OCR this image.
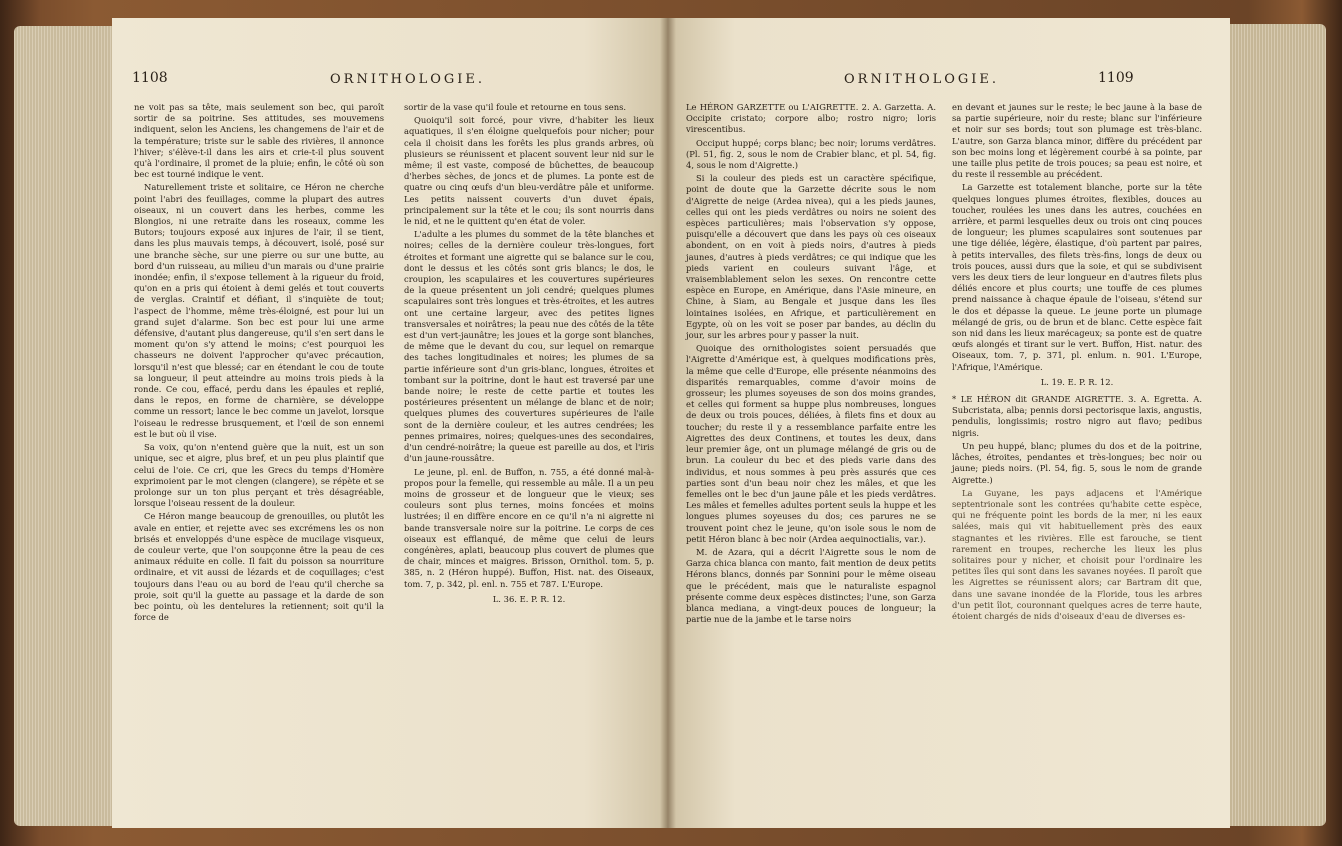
1108	ORNITHOLOGIE.

ne voit pas sa tête, mais seulement son bec, qui paroît sortir de sa poitrine. Ses attitudes, ses mouvemens indiquent, selon les Anciens, les changemens de l'air et de la température; triste sur le sable des rivières, il annonce l'hiver; s'élève-t-il dans les airs et crie-t-il plus souvent qu'à l'ordinaire, il promet de la pluie; enfin, le côté où son bec est tourné indique le vent.

Naturellement triste et solitaire, ce Héron ne cherche point l'abri des feuillages, comme la plupart des autres oiseaux, ni un couvert dans les herbes, comme les Blongios, ni une retraite dans les roseaux, comme les Butors; toujours exposé aux injures de l'air, il se tient, dans les plus mauvais temps, à découvert, isolé, posé sur une branche sèche, sur une pierre ou sur une butte, au bord d'un ruisseau, au milieu d'un marais ou d'une prairie inondée; enfin, il s'expose tellement à la rigueur du froid, qu'on en a pris qui étoient à demi gelés et tout couverts de verglas. Craintif et défiant, il s'inquiète de tout; l'aspect de l'homme, même très-éloigné, est pour lui un grand sujet d'alarme. Son bec est pour lui une arme défensive, d'autant plus dangereuse, qu'il s'en sert dans le moment qu'on s'y attend le moins; c'est pourquoi les chasseurs ne doivent l'approcher qu'avec précaution, lorsqu'il n'est que blessé; car en étendant le cou de toute sa longueur, il peut atteindre au moins trois pieds à la ronde. Ce cou, effacé, perdu dans les épaules et replié, dans le repos, en forme de charnière, se développe comme un ressort; lance le bec comme un javelot, lorsque l'oiseau le redresse brusquement, et l'œil de son ennemi est le but où il vise.

Sa voix, qu'on n'entend guère que la nuit, est un son unique, sec et aigre, plus bref, et un peu plus plaintif que celui de l'oie. Ce cri, que les Grecs du temps d'Homère exprimoient par le mot clengen (clangere), se répète et se prolonge sur un ton plus perçant et très désagréable, lorsque l'oiseau ressent de la douleur.

Ce Héron mange beaucoup de grenouilles, ou plutôt les avale en entier, et rejette avec ses excrémens les os non brisés et enveloppés d'une espèce de mucilage visqueux, de couleur verte, que l'on soupçonne être la peau de ces animaux réduite en colle. Il fait du poisson sa nourriture ordinaire, et vit aussi de lézards et de coquillages; c'est toujours dans l'eau ou au bord de l'eau qu'il cherche sa proie, soit qu'il la guette au passage et la darde de son bec pointu, où les dentelures la retiennent; soit qu'il la force de

sortir de la vase qu'il foule et retourne en tous sens.

Quoiqu'il soit forcé, pour vivre, d'habiter les lieux aquatiques, il s'en éloigne quelquefois pour nicher; pour cela il choisit dans les forêts les plus grands arbres, où plusieurs se réunissent et placent souvent leur nid sur le même; il est vaste, composé de bûchettes, de beaucoup d'herbes sèches, de joncs et de plumes. La ponte est de quatre ou cinq œufs d'un bleu-verdâtre pâle et uniforme. Les petits naissent couverts d'un duvet épais, principalement sur la tête et le cou; ils sont nourris dans le nid, et ne le quittent qu'en état de voler.

L'adulte a les plumes du sommet de la tête blanches et noires; celles de la dernière couleur très-longues, fort étroites et formant une aigrette qui se balance sur le cou, dont le dessus et les côtés sont gris blancs; le dos, le croupion, les scapulaires et les couvertures supérieures de la queue présentent un joli cendré; quelques plumes scapulaires sont très longues et très-étroites, et les autres ont une certaine largeur, avec des petites lignes transversales et noirâtres; la peau nue des côtés de la tête est d'un vert-jaunâtre; les joues et la gorge sont blanches, de même que le devant du cou, sur lequel on remarque des taches longitudinales et noires; les plumes de sa partie inférieure sont d'un gris-blanc, longues, étroites et tombant sur la poitrine, dont le haut est traversé par une bande noire; le reste de cette partie et toutes les postérieures présentent un mélange de blanc et de noir; quelques plumes des couvertures supérieures de l'aile sont de la dernière couleur, et les autres cendrées; les pennes primaires, noires; quelques-unes des secondaires, d'un cendré-noirâtre; la queue est pareille au dos, et l'iris d'un jaune-roussâtre.

Le jeune, pl. enl. de Buffon, n. 755, a été donné mal-à-propos pour la femelle, qui ressemble au mâle. Il a un peu moins de grosseur et de longueur que le vieux; ses couleurs sont plus ternes, moins foncées et moins lustrées; il en diffère encore en ce qu'il n'a ni aigrette ni bande transversale noire sur la poitrine. Le corps de ces oiseaux est efflanqué, de même que celui de leurs congénères, aplati, beaucoup plus couvert de plumes que de chair, minces et maigres. Brisson, Ornithol. tom. 5, p. 385, n. 2 (Héron huppé). Buffon, Hist. nat. des Oiseaux, tom. 7, p. 342, pl. enl. n. 755 et 787. L'Europe.

L. 36. E. P. R. 12.
ORNITHOLOGIE.	1109

Le HÉRON GARZETTE ou L'AIGRETTE. 2. A. Garzetta. A. Occipite cristato; corpore albo; rostro nigro; loris virescentibus.

Occiput huppé; corps blanc; bec noir; lorums verdâtres. (Pl. 51, fig. 2, sous le nom de Crabier blanc, et pl. 54, fig. 4, sous le nom d'Aigrette.)

Si la couleur des pieds est un caractère spécifique, point de doute que la Garzette décrite sous le nom d'Aigrette de neige (Ardea nivea), qui a les pieds jaunes, celles qui ont les pieds verdâtres ou noirs ne soient des espèces particulières; mais l'observation s'y oppose, puisqu'elle a découvert que dans les pays où ces oiseaux abondent, on en voit à pieds noirs, d'autres à pieds jaunes, d'autres à pieds verdâtres; ce qui indique que les pieds varient en couleurs suivant l'âge, et vraisemblablement selon les sexes. On rencontre cette espèce en Europe, en Amérique, dans l'Asie mineure, en Chine, à Siam, au Bengale et jusque dans les îles lointaines isolées, en Afrique, et particulièrement en Egypte, où on les voit se poser par bandes, au déclin du jour, sur les arbres pour y passer la nuit.

Quoique des ornithologistes soient persuadés que l'Aigrette d'Amérique est, à quelques modifications près, la même que celle d'Europe, elle présente néanmoins des disparités remarquables, comme d'avoir moins de grosseur; les plumes soyeuses de son dos moins grandes, et celles qui forment sa huppe plus nombreuses, longues de deux ou trois pouces, déliées, à filets fins et doux au toucher; du reste il y a ressemblance parfaite entre les Aigrettes des deux Continens, et toutes les deux, dans leur premier âge, ont un plumage mélangé de gris ou de brun. La couleur du bec et des pieds varie dans des individus, et nous sommes à peu près assurés que ces parties sont d'un beau noir chez les mâles, et que les femelles ont le bec d'un jaune pâle et les pieds verdâtres. Les mâles et femelles adultes portent seuls la huppe et les longues plumes soyeuses du dos; ces parures ne se trouvent point chez le jeune, qu'on isole sous le nom de petit Héron blanc à bec noir (Ardea aequinoctialis, var.).

M. de Azara, qui a décrit l'Aigrette sous le nom de Garza chica blanca con manto, fait mention de deux petits Hérons blancs, donnés par Sonnini pour le même oiseau que le précédent, mais que le naturaliste espagnol présente comme deux espèces distinctes; l'une, son Garza blanca mediana, a vingt-deux pouces de longueur; la partie nue de la jambe et le tarse noirs

en devant et jaunes sur le reste; le bec jaune à la base de sa partie supérieure, noir du reste; blanc sur l'inférieure et noir sur ses bords; tout son plumage est très-blanc. L'autre, son Garza blanca minor, diffère du précédent par son bec moins long et légèrement courbé à sa pointe, par une taille plus petite de trois pouces; sa peau est noire, et du reste il ressemble au précédent.

La Garzette est totalement blanche, porte sur la tête quelques longues plumes étroites, flexibles, douces au toucher, roulées les unes dans les autres, couchées en arrière, et parmi lesquelles deux ou trois ont cinq pouces de longueur; les plumes scapulaires sont soutenues par une tige déliée, légère, élastique, d'où partent par paires, à petits intervalles, des filets très-fins, longs de deux ou trois pouces, aussi durs que la soie, et qui se subdivisent vers les deux tiers de leur longueur en d'autres filets plus déliés encore et plus courts; une touffe de ces plumes prend naissance à chaque épaule de l'oiseau, s'étend sur le dos et dépasse la queue. Le jeune porte un plumage mélangé de gris, ou de brun et de blanc. Cette espèce fait son nid dans les lieux marécageux; sa ponte est de quatre œufs alongés et tirant sur le vert. Buffon, Hist. natur. des Oiseaux, tom. 7, p. 371, pl. enlum. n. 901. L'Europe, l'Afrique, l'Amérique.

L. 19. E. P. R. 12.

* LE HÉRON dit GRANDE AIGRETTE. 3. A. Egretta. A. Subcristata, alba; pennis dorsi pectorisque laxis, angustis, pendulis, longissimis; rostro nigro aut flavo; pedibus nigris.

Un peu huppé, blanc; plumes du dos et de la poitrine, lâches, étroites, pendantes et très-longues; bec noir ou jaune; pieds noirs. (Pl. 54, fig. 5, sous le nom de grande Aigrette.)

La Guyane, les pays adjacens et l'Amérique septentrionale sont les contrées qu'habite cette espèce, qui ne fréquente point les bords de la mer, ni les eaux salées, mais qui vit habituellement près des eaux stagnantes et les rivières. Elle est farouche, se tient rarement en troupes, recherche les lieux les plus solitaires pour y nicher, et choisit pour l'ordinaire les petites îles qui sont dans les savanes noyées. Il paroît que les Aigrettes se réunissent alors; car Bartram dit que, dans une savane inondée de la Floride, tous les arbres d'un petit îlot, couronnant quelques acres de terre haute, étoient chargés de nids d'oiseaux d'eau de diverses es-
